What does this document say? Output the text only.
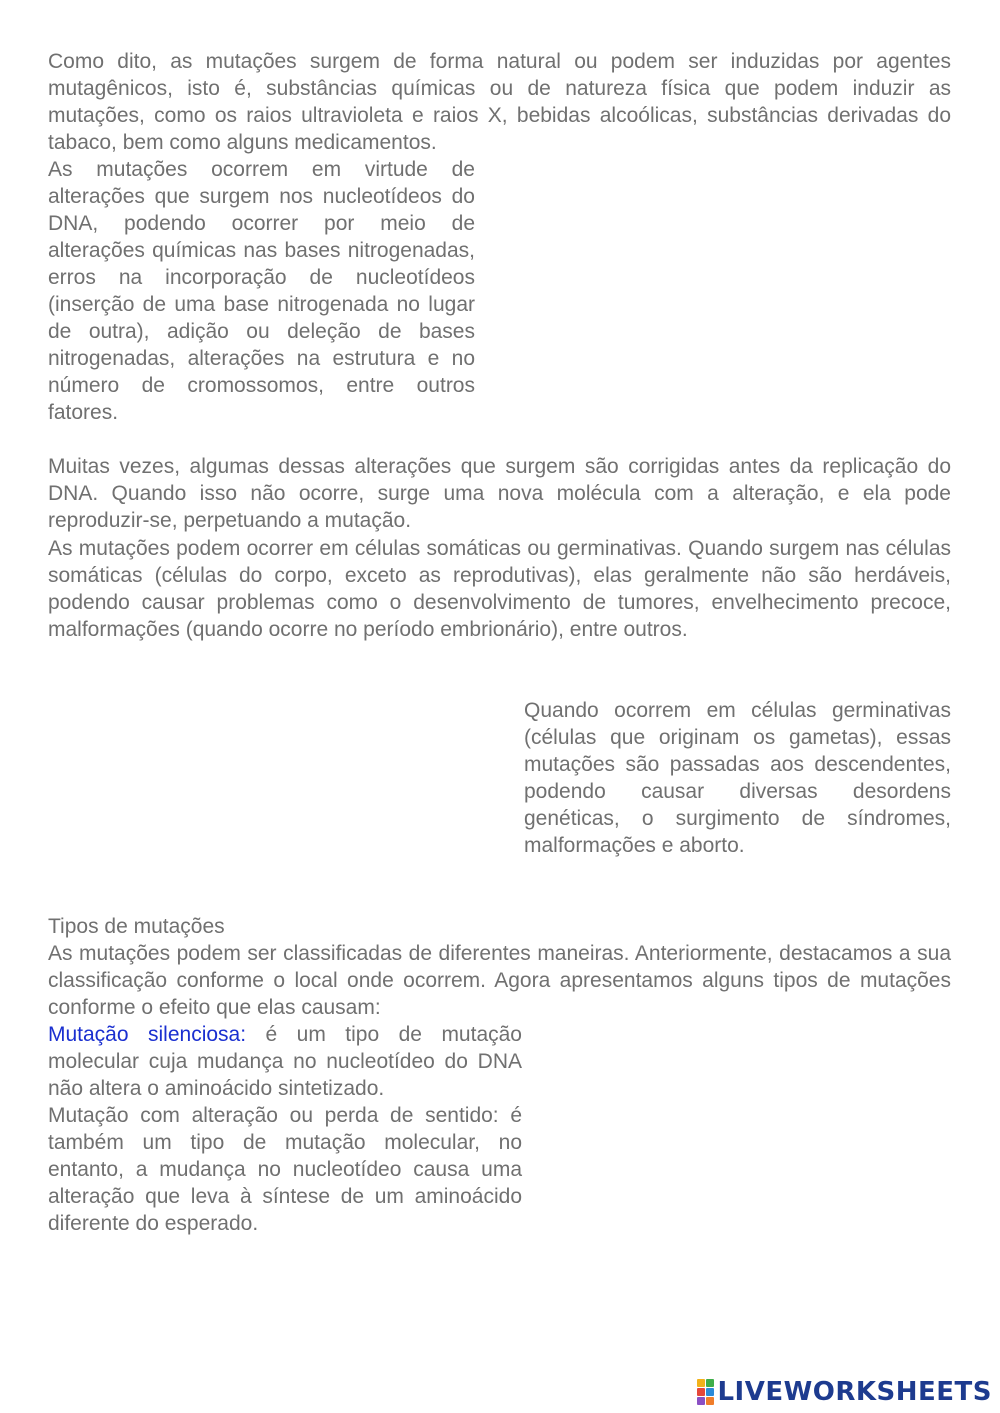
Como dito, as mutações surgem de forma natural ou podem ser induzidas por agentes mutagênicos, isto é, substâncias químicas ou de natureza física que podem induzir as mutações, como os raios ultravioleta e raios X, bebidas alcoólicas, substâncias derivadas do tabaco, bem como alguns medicamentos.

As mutações ocorrem em virtude de alterações que surgem nos nucleotídeos do DNA, podendo ocorrer por meio de alterações químicas nas bases nitrogenadas, erros na incorporação de nucleotídeos (inserção de uma base nitrogenada no lugar de outra), adição ou deleção de bases nitrogenadas, alterações na estrutura e no número de cromossomos, entre outros fatores.

Muitas vezes, algumas dessas alterações que surgem são corrigidas antes da replicação do DNA. Quando isso não ocorre, surge uma nova molécula com a alteração, e ela pode reproduzir-se, perpetuando a mutação.

As mutações podem ocorrer em células somáticas ou germinativas. Quando surgem nas células somáticas (células do corpo, exceto as reprodutivas), elas geralmente não são herdáveis, podendo causar problemas como o desenvolvimento de tumores, envelhecimento precoce, malformações (quando ocorre no período embrionário), entre outros.

Quando ocorrem em células germinativas (células que originam os gametas), essas mutações são passadas aos descendentes, podendo causar diversas desordens genéticas, o surgimento de síndromes, malformações e aborto.

Tipos de mutações

As mutações podem ser classificadas de diferentes maneiras. Anteriormente, destacamos a sua classificação conforme o local onde ocorrem. Agora apresentamos alguns tipos de mutações conforme o efeito que elas causam:

Mutação silenciosa: é um tipo de mutação molecular cuja mudança no nucleotídeo do DNA não altera o aminoácido sintetizado.

Mutação com alteração ou perda de sentido: é também um tipo de mutação molecular, no entanto, a mudança no nucleotídeo causa uma alteração que leva à síntese de um aminoácido diferente do esperado.

LIVEWORKSHEETS
